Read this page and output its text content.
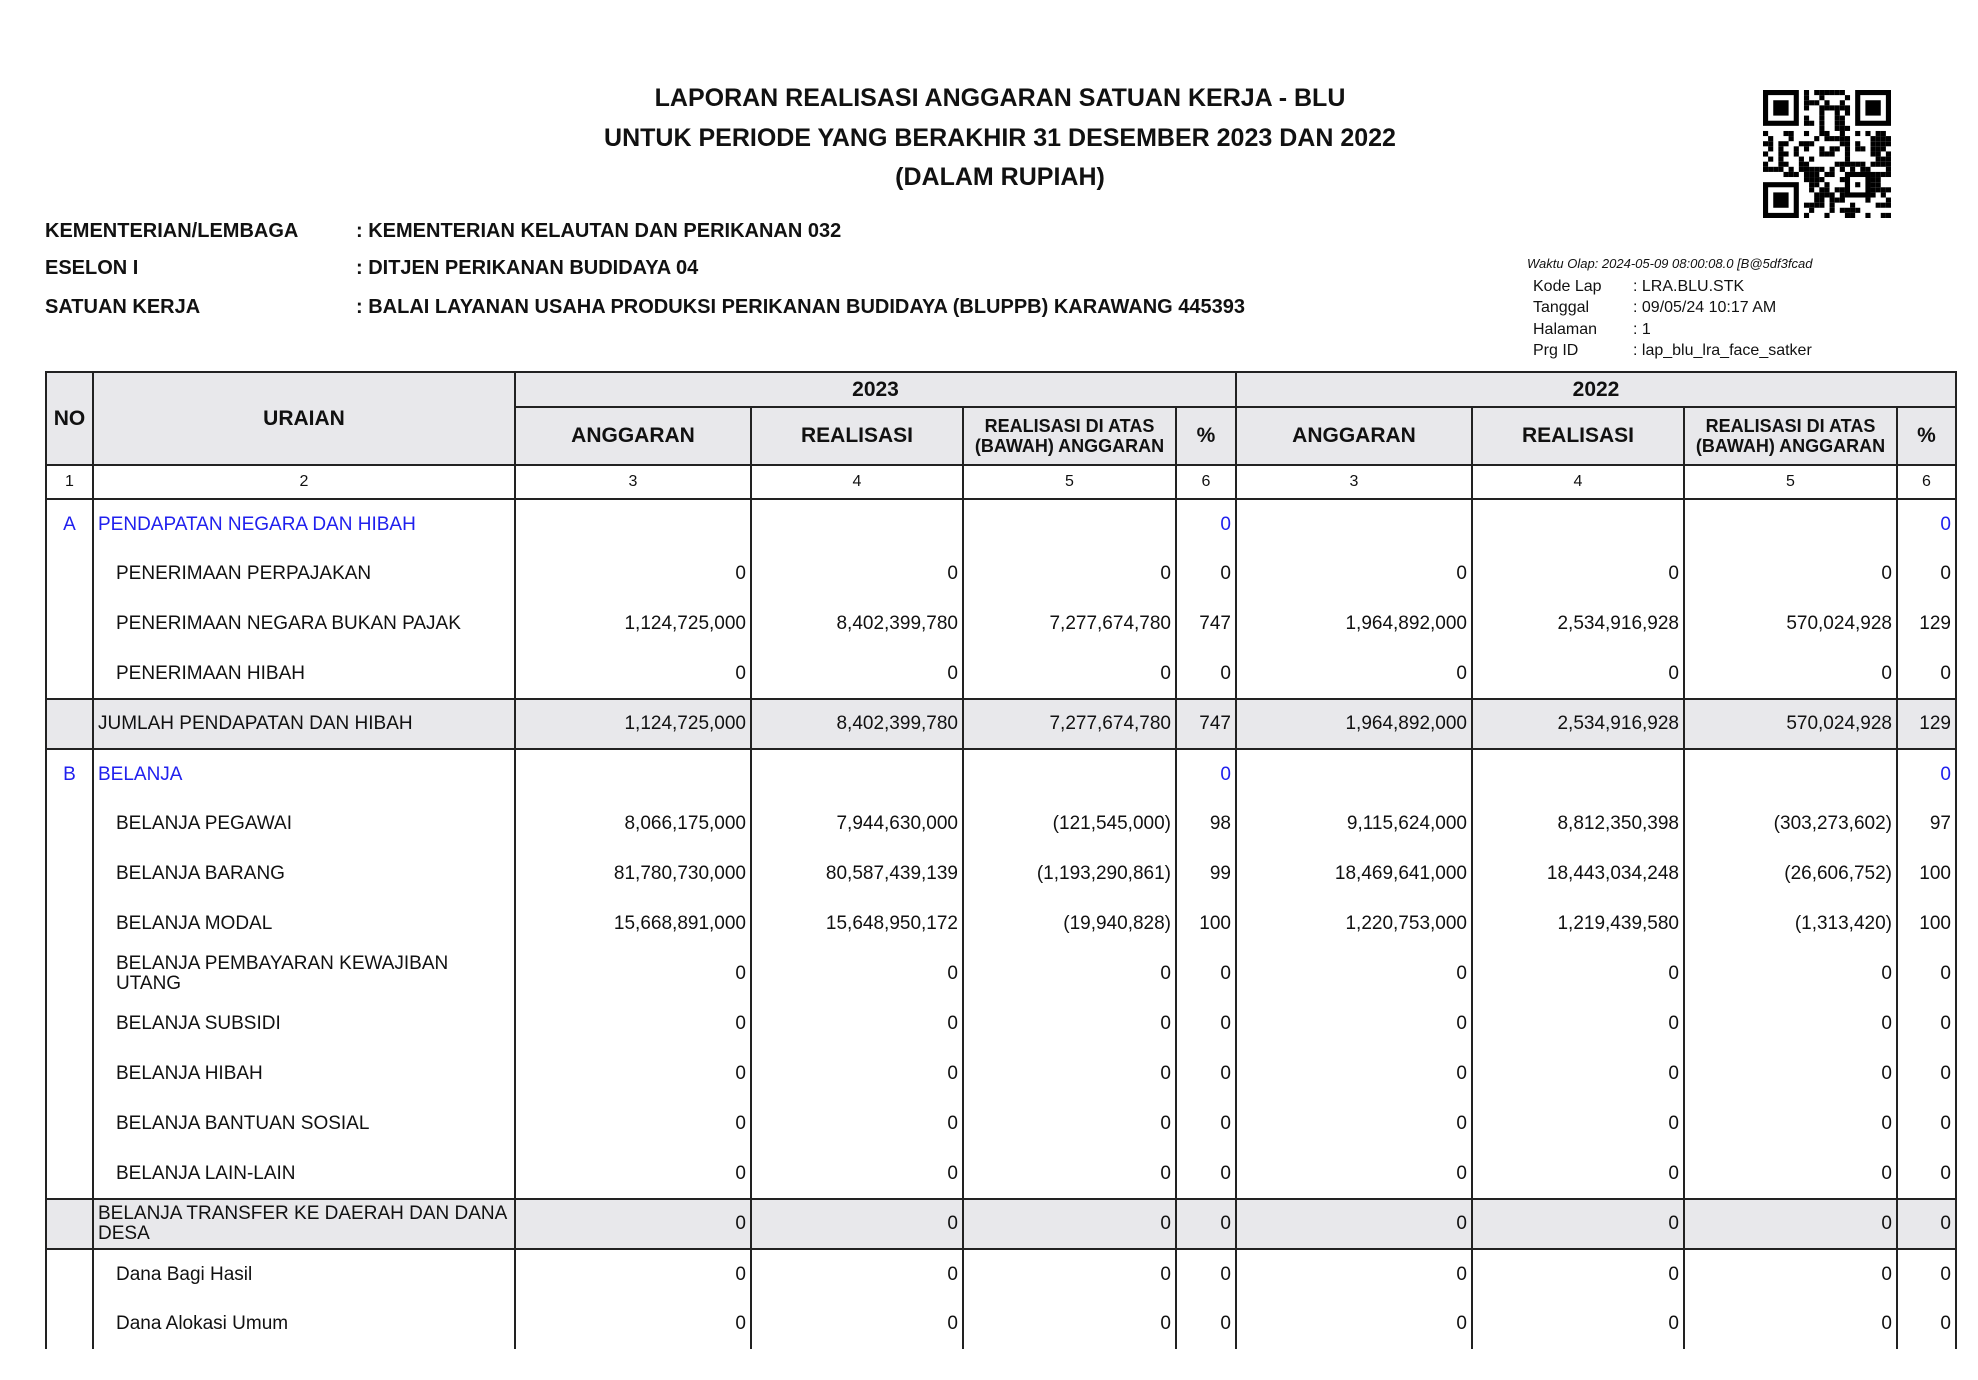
LAPORAN REALISASI ANGGARAN SATUAN KERJA - BLU
UNTUK PERIODE YANG BERAKHIR 31 DESEMBER 2023 DAN 2022
(DALAM RUPIAH)
KEMENTERIAN/LEMBAGA	: KEMENTERIAN KELAUTAN DAN PERIKANAN 032
ESELON I	: DITJEN PERIKANAN BUDIDAYA 04
SATUAN KERJA	: BALAI LAYANAN USAHA PRODUKSI PERIKANAN BUDIDAYA (BLUPPB) KARAWANG 445393
Waktu Olap: 2024-05-09 08:00:08.0 [B@5df3fcad
Kode Lap	: LRA.BLU.STK
Tanggal	: 09/05/24 10:17 AM
Halaman	: 1
Prg ID	: lap_blu_lra_face_satker
NO	URAIAN	2023				2022			
		ANGGARAN	REALISASI	REALISASI DI ATAS (BAWAH) ANGGARAN	%	ANGGARAN	REALISASI	REALISASI DI ATAS (BAWAH) ANGGARAN	%
1	2	3	4	5	6	3	4	5	6
A	PENDAPATAN NEGARA DAN HIBAH				0				0
	PENERIMAAN PERPAJAKAN	0	0	0	0	0	0	0	0
	PENERIMAAN NEGARA BUKAN PAJAK	1,124,725,000	8,402,399,780	7,277,674,780	747	1,964,892,000	2,534,916,928	570,024,928	129
	PENERIMAAN HIBAH	0	0	0	0	0	0	0	0
	JUMLAH PENDAPATAN DAN HIBAH	1,124,725,000	8,402,399,780	7,277,674,780	747	1,964,892,000	2,534,916,928	570,024,928	129
B	BELANJA				0				0
	BELANJA PEGAWAI	8,066,175,000	7,944,630,000	(121,545,000)	98	9,115,624,000	8,812,350,398	(303,273,602)	97
	BELANJA BARANG	81,780,730,000	80,587,439,139	(1,193,290,861)	99	18,469,641,000	18,443,034,248	(26,606,752)	100
	BELANJA MODAL	15,668,891,000	15,648,950,172	(19,940,828)	100	1,220,753,000	1,219,439,580	(1,313,420)	100
	BELANJA PEMBAYARAN KEWAJIBAN UTANG	0	0	0	0	0	0	0	0
	BELANJA SUBSIDI	0	0	0	0	0	0	0	0
	BELANJA HIBAH	0	0	0	0	0	0	0	0
	BELANJA BANTUAN SOSIAL	0	0	0	0	0	0	0	0
	BELANJA LAIN-LAIN	0	0	0	0	0	0	0	0
	BELANJA TRANSFER KE DAERAH DAN DANA DESA	0	0	0	0	0	0	0	0
	Dana Bagi Hasil	0	0	0	0	0	0	0	0
	Dana Alokasi Umum	0	0	0	0	0	0	0	0
